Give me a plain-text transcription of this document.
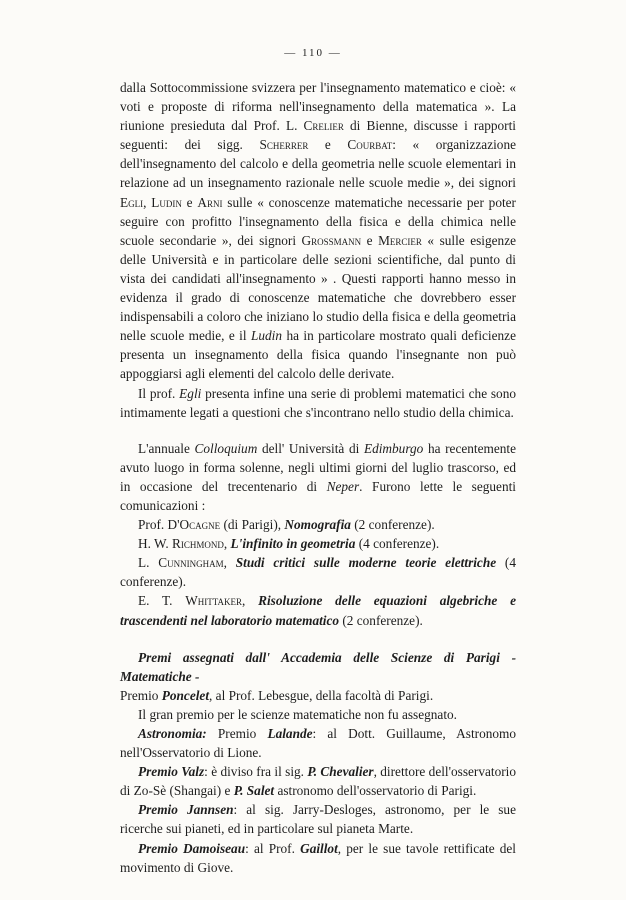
— 110 —

dalla Sottocommissione svizzera per l'insegnamento matematico e cioè: « voti e proposte di riforma nell'insegnamento della matematica ». La riunione presieduta dal Prof. L. Crelier di Bienne, discusse i rapporti seguenti: dei sigg. Scherrer e Courbat: « organizzazione dell'insegnamento del calcolo e della geometria nelle scuole elementari in relazione ad un insegnamento razionale nelle scuole medie », dei signori Egli, Ludin e Arni sulle « conoscenze matematiche necessarie per poter seguire con profitto l'insegnamento della fisica e della chimica nelle scuole secondarie », dei signori Grossmann e Mercier « sulle esigenze delle Università e in particolare delle sezioni scientifiche, dal punto di vista dei candidati all'insegnamento » . Questi rapporti hanno messo in evidenza il grado di conoscenze matematiche che dovrebbero esser indispensabili a coloro che iniziano lo studio della fisica e della geometria nelle scuole medie, e il Ludin ha in particolare mostrato quali deficienze presenta un insegnamento della fisica quando l'insegnante non può appoggiarsi agli elementi del calcolo delle derivate.

Il prof. Egli presenta infine una serie di problemi matematici che sono intimamente legati a questioni che s'incontrano nello studio della chimica.

L'annuale Colloquium dell' Università di Edimburgo ha recentemente avuto luogo in forma solenne, negli ultimi giorni del luglio trascorso, ed in occasione del trecentenario di Neper. Furono lette le seguenti comunicazioni :

Prof. D'Ocagne (di Parigi), Nomografia (2 conferenze).

H. W. Richmond, L'infinito in geometria (4 conferenze).

L. Cunningham, Studi critici sulle moderne teorie elettriche (4 conferenze).

E. T. Whittaker, Risoluzione delle equazioni algebriche e trascendenti nel laboratorio matematico (2 conferenze).

Premi assegnati dall' Accademia delle Scienze di Parigi - Matematiche -

Premio Poncelet, al Prof. Lebesgue, della facoltà di Parigi.

Il gran premio per le scienze matematiche non fu assegnato.

Astronomia: Premio Lalande: al Dott. Guillaume, Astronomo nell'Osservatorio di Lione.

Premio Valz: è diviso fra il sig. P. Chevalier, direttore dell'osservatorio di Zo-Sè (Shangai) e P. Salet astronomo dell'osservatorio di Parigi.

Premio Jannsen: al sig. Jarry-Desloges, astronomo, per le sue ricerche sui pianeti, ed in particolare sul pianeta Marte.

Premio Damoiseau: al Prof. Gaillot, per le sue tavole rettificate del movimento di Giove.
